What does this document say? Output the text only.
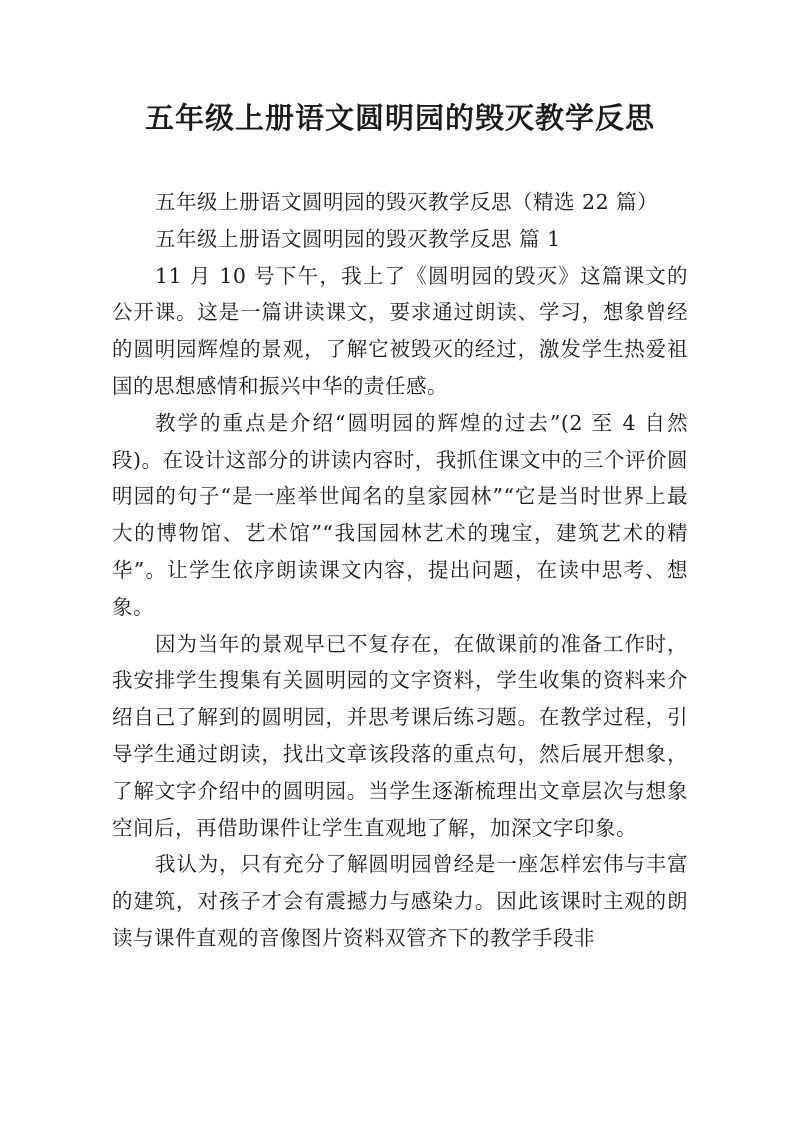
五年级上册语文圆明园的毁灭教学反思

五年级上册语文圆明园的毁灭教学反思（精选 22 篇）

五年级上册语文圆明园的毁灭教学反思 篇 1

11 月 10 号下午，我上了《圆明园的毁灭》这篇课文的公开课。这是一篇讲读课文，要求通过朗读、学习，想象曾经的圆明园辉煌的景观，了解它被毁灭的经过，激发学生热爱祖国的思想感情和振兴中华的责任感。

教学的重点是介绍“圆明园的辉煌的过去”(2 至 4 自然段)。在设计这部分的讲读内容时，我抓住课文中的三个评价圆明园的句子“是一座举世闻名的皇家园林”“它是当时世界上最大的博物馆、艺术馆”“我国园林艺术的瑰宝，建筑艺术的精华”。让学生依序朗读课文内容，提出问题，在读中思考、想象。

因为当年的景观早已不复存在，在做课前的准备工作时，我安排学生搜集有关圆明园的文字资料，学生收集的资料来介绍自己了解到的圆明园，并思考课后练习题。在教学过程，引导学生通过朗读，找出文章该段落的重点句，然后展开想象，了解文字介绍中的圆明园。当学生逐渐梳理出文章层次与想象空间后，再借助课件让学生直观地了解，加深文字印象。

我认为，只有充分了解圆明园曾经是一座怎样宏伟与丰富的建筑，对孩子才会有震撼力与感染力。因此该课时主观的朗读与课件直观的音像图片资料双管齐下的教学手段非
